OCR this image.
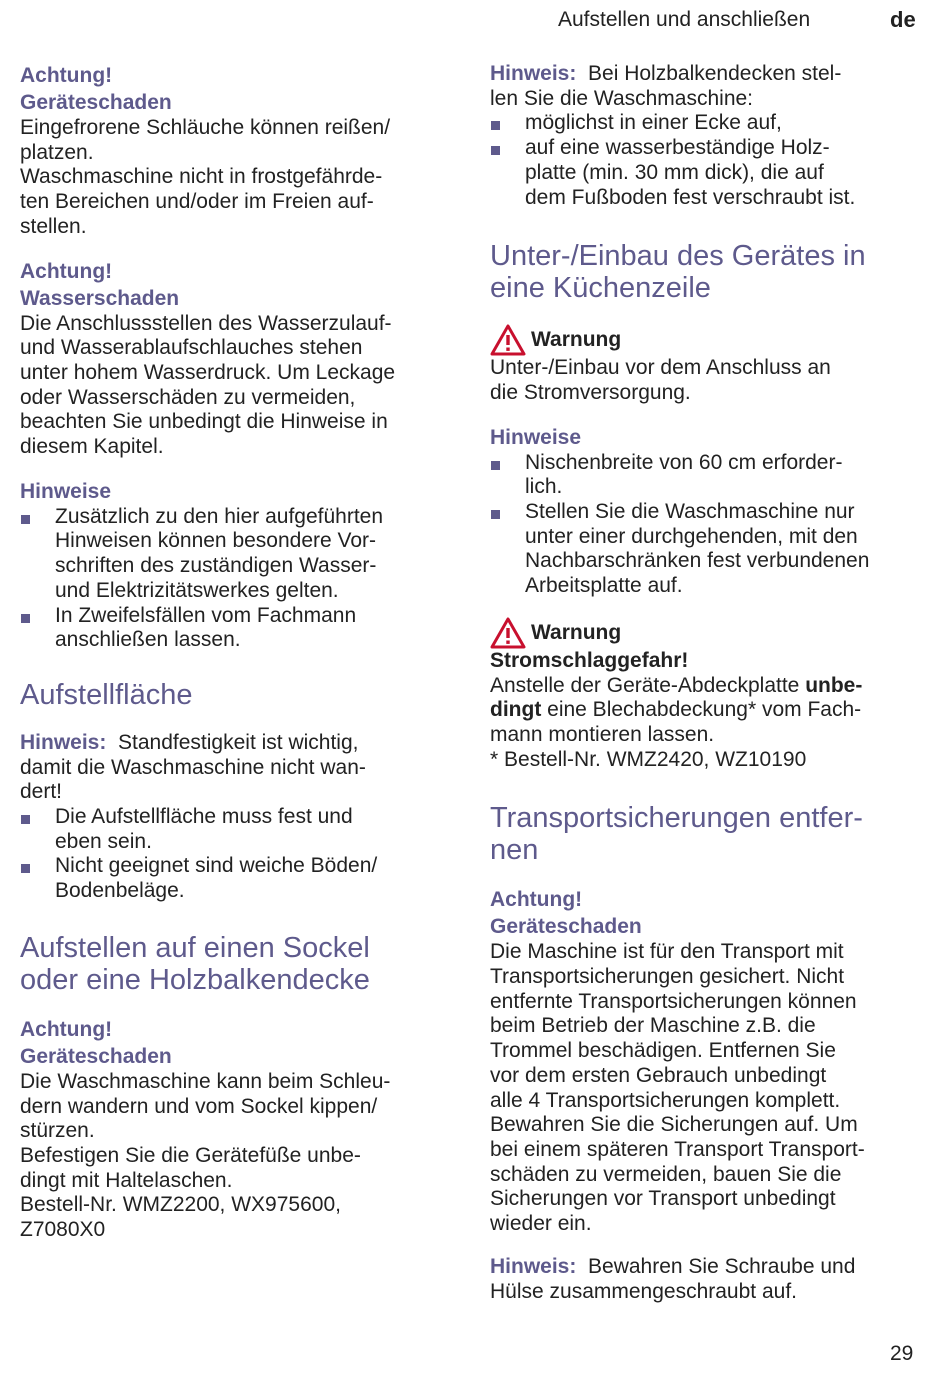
Aufstellen und anschließen	de
Achtung!
Geräteschaden
Eingefrorene Schläuche können reißen/
platzen.
Waschmaschine nicht in frostgefährde-
ten Bereichen und/oder im Freien auf-
stellen.
Achtung!
Wasserschaden
Die Anschlussstellen des Wasserzulauf-
und Wasserablaufschlauches stehen
unter hohem Wasserdruck. Um Leckage
oder Wasserschäden zu vermeiden,
beachten Sie unbedingt die Hinweise in
diesem Kapitel.
Hinweise
Zusätzlich zu den hier aufgeführten
Hinweisen können besondere Vor-
schriften des zuständigen Wasser-
und Elektrizitätswerkes gelten.
In Zweifelsfällen vom Fachmann
anschließen lassen.
Aufstellfläche
Hinweis: Standfestigkeit ist wichtig,
damit die Waschmaschine nicht wan-
dert!
Die Aufstellfläche muss fest und
eben sein.
Nicht geeignet sind weiche Böden/
Bodenbeläge.
Aufstellen auf einen Sockel
oder eine Holzbalkendecke
Achtung!
Geräteschaden
Die Waschmaschine kann beim Schleu-
dern wandern und vom Sockel kippen/
stürzen.
Befestigen Sie die Gerätefüße unbe-
dingt mit Haltelaschen.
Bestell-Nr. WMZ2200, WX975600,
Z7080X0
Hinweis: Bei Holzbalkendecken stel-
len Sie die Waschmaschine:
möglichst in einer Ecke auf,
auf eine wasserbeständige Holz-
platte (min. 30 mm dick), die auf
dem Fußboden fest verschraubt ist.
Unter-/Einbau des Gerätes in
eine Küchenzeile
Warnung
Unter-/Einbau vor dem Anschluss an
die Stromversorgung.
Hinweise
Nischenbreite von 60 cm erforder-
lich.
Stellen Sie die Waschmaschine nur
unter einer durchgehenden, mit den
Nachbarschränken fest verbundenen
Arbeitsplatte auf.
Warnung
Stromschlaggefahr!
Anstelle der Geräte-Abdeckplatte unbe-
dingt eine Blechabdeckung* vom Fach-
mann montieren lassen.
* Bestell-Nr. WMZ2420, WZ10190
Transportsicherungen entfer-
nen
Achtung!
Geräteschaden
Die Maschine ist für den Transport mit
Transportsicherungen gesichert. Nicht
entfernte Transportsicherungen können
beim Betrieb der Maschine z.B. die
Trommel beschädigen. Entfernen Sie
vor dem ersten Gebrauch unbedingt
alle 4 Transportsicherungen komplett.
Bewahren Sie die Sicherungen auf. Um
bei einem späteren Transport Transport-
schäden zu vermeiden, bauen Sie die
Sicherungen vor Transport unbedingt
wieder ein.
Hinweis: Bewahren Sie Schraube und
Hülse zusammengeschraubt auf.
29
